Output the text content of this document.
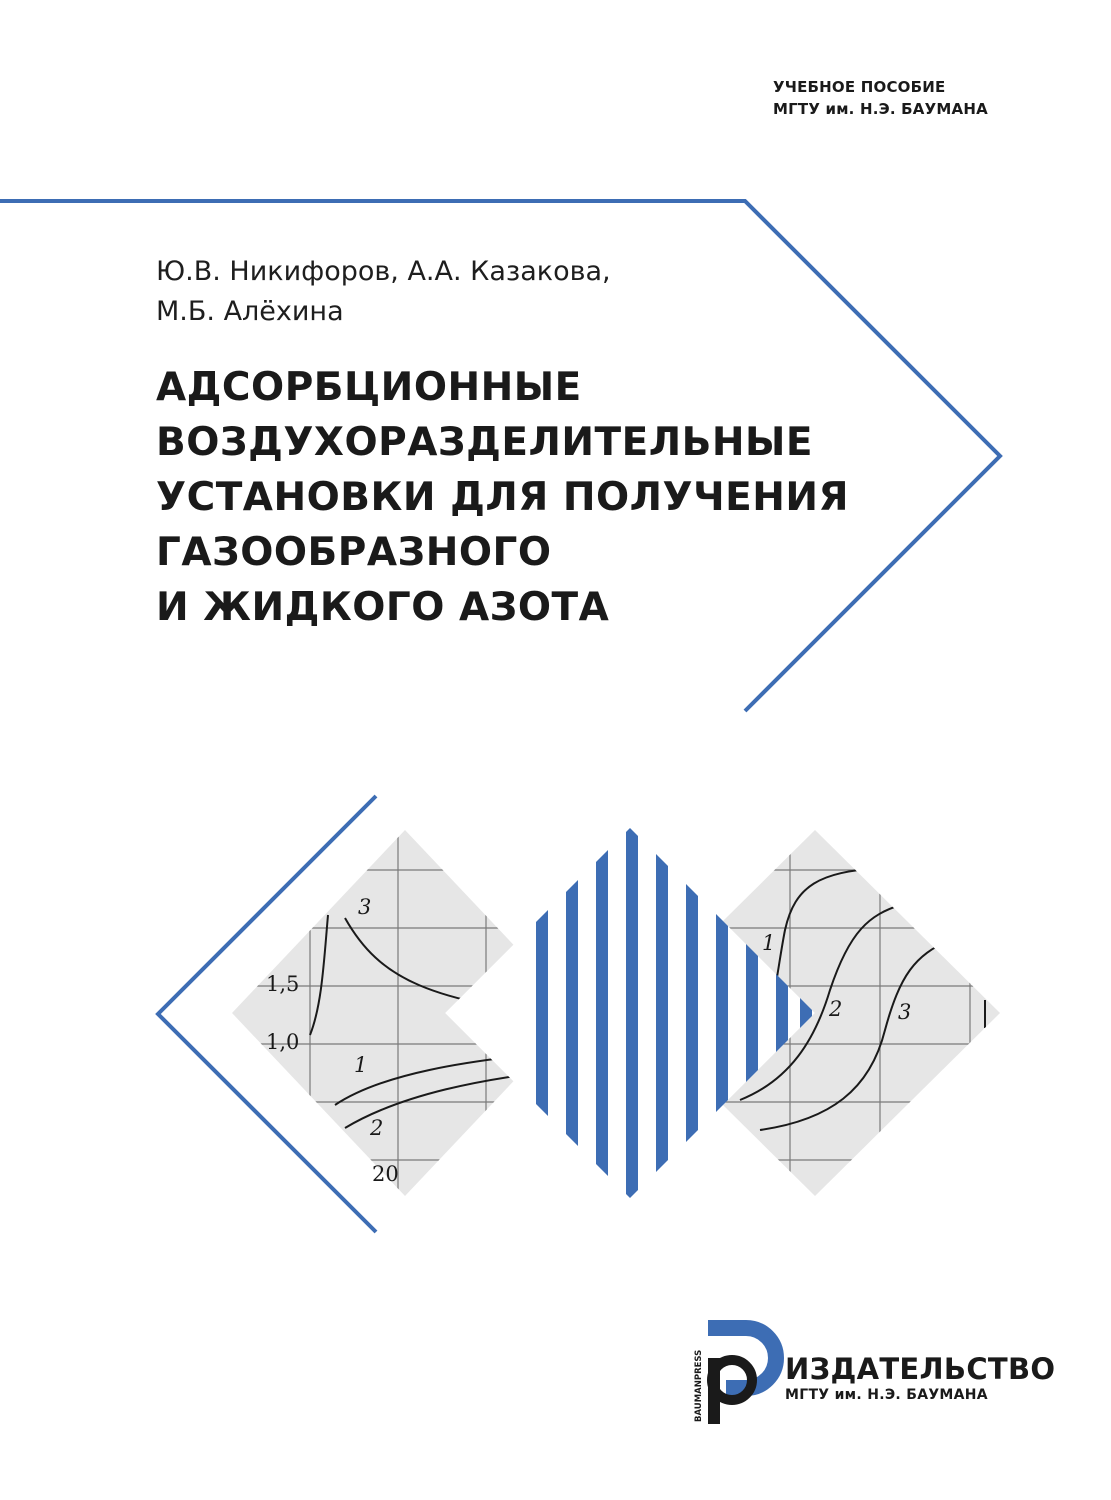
УЧЕБНОЕ ПОСОБИЕ
МГТУ им. Н.Э. БАУМАНА
Ю.В. Никифоров, А.А. Казакова,
М.Б. Алёхина
АДСОРБЦИОННЫЕ
ВОЗДУХОРАЗДЕЛИТЕЛЬНЫЕ
УСТАНОВКИ ДЛЯ ПОЛУЧЕНИЯ
ГАЗООБРАЗНОГО
И ЖИДКОГО АЗОТА
3
1
2
1,5
1,0
20
1
2	3
BAUMANPRESS	ИЗДАТЕЛЬСТВО
МГТУ им. Н.Э. БАУМАНА
